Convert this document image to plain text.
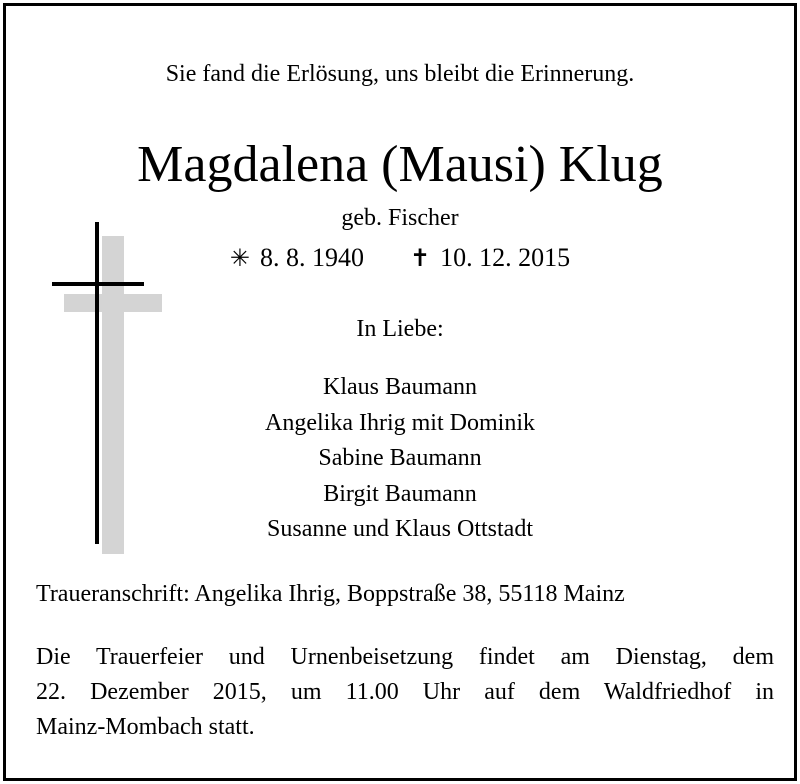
Sie fand die Erlösung, uns bleibt die Erinnerung.
Magdalena (Mausi) Klug
geb. Fischer
✳ 8. 8. 1940 ✝ 10. 12. 2015
In Liebe:
Klaus Baumann
Angelika Ihrig mit Dominik
Sabine Baumann
Birgit Baumann
Susanne und Klaus Ottstadt
Traueranschrift: Angelika Ihrig, Boppstraße 38, 55118 Mainz
Die Trauerfeier und Urnenbeisetzung findet am Dienstag, dem
22. Dezember 2015, um 11.00 Uhr auf dem Waldfriedhof in
Mainz-Mombach statt.
